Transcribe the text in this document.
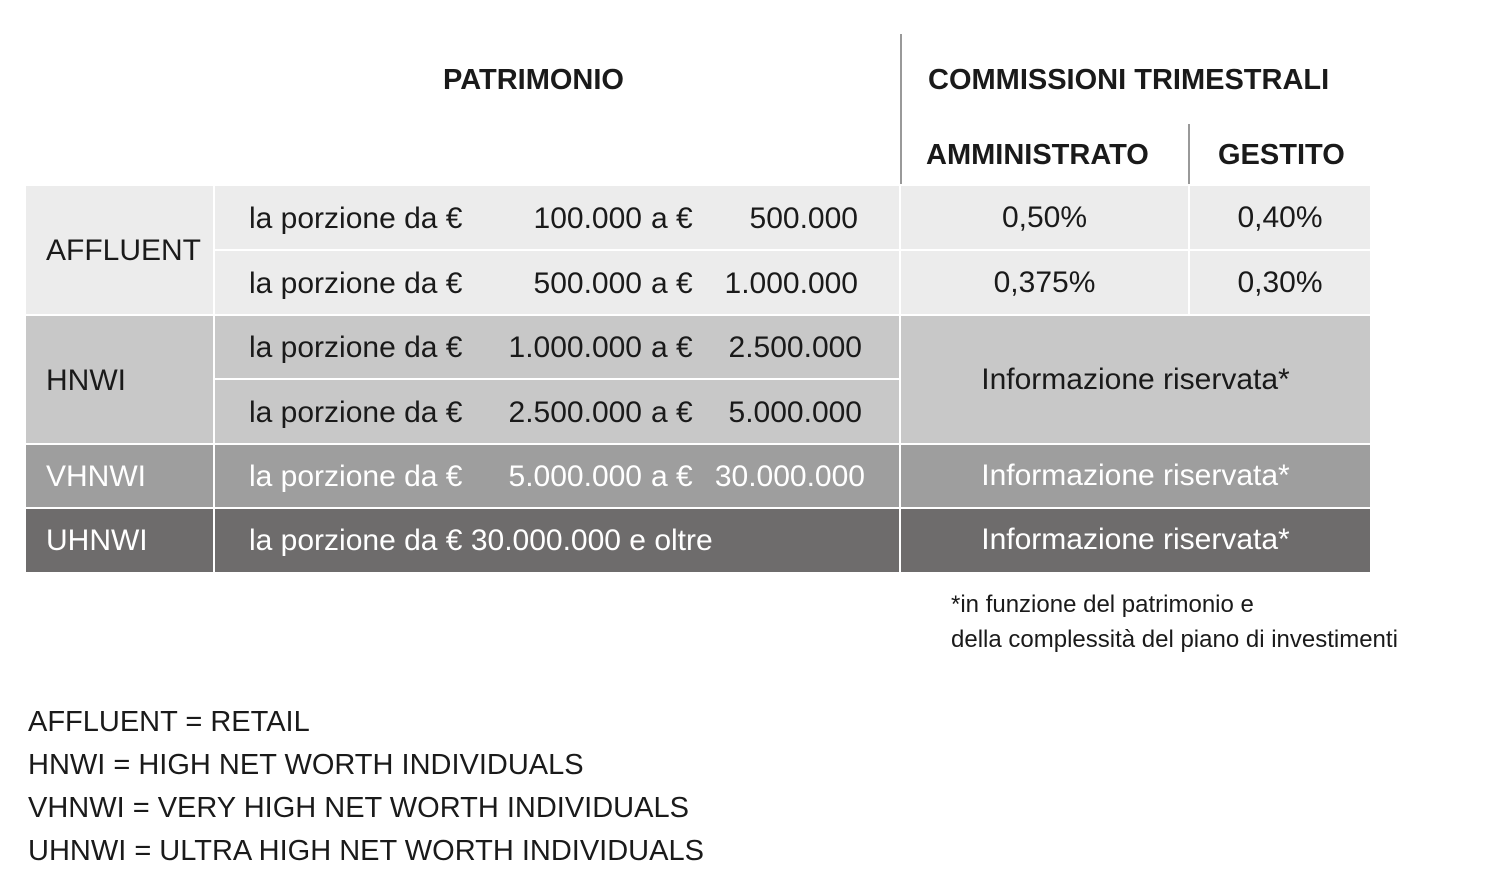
PATRIMONIO	COMMISSIONI TRIMESTRALI
AMMINISTRATO GESTITO
AFFLUENT
la porzione da €	100.000 a €	500.000	0,50%	0,40%
la porzione da €	500.000 a €	1.000.000	0,375%	0,30%
HNWI
la porzione da €	1.000.000 a €	2.500.000
la porzione da €	2.500.000 a €	5.000.000
Informazione riservata*
VHNWI	la porzione da €	5.000.000 a € 30.000.000	Informazione riservata*
UHNWI	la porzione da € 30.000.000 e oltre	Informazione riservata*
*in funzione del patrimonio e
della complessità del piano di investimenti
AFFLUENT = RETAIL
HNWI = HIGH NET WORTH INDIVIDUALS
VHNWI = VERY HIGH NET WORTH INDIVIDUALS
UHNWI = ULTRA HIGH NET WORTH INDIVIDUALS
